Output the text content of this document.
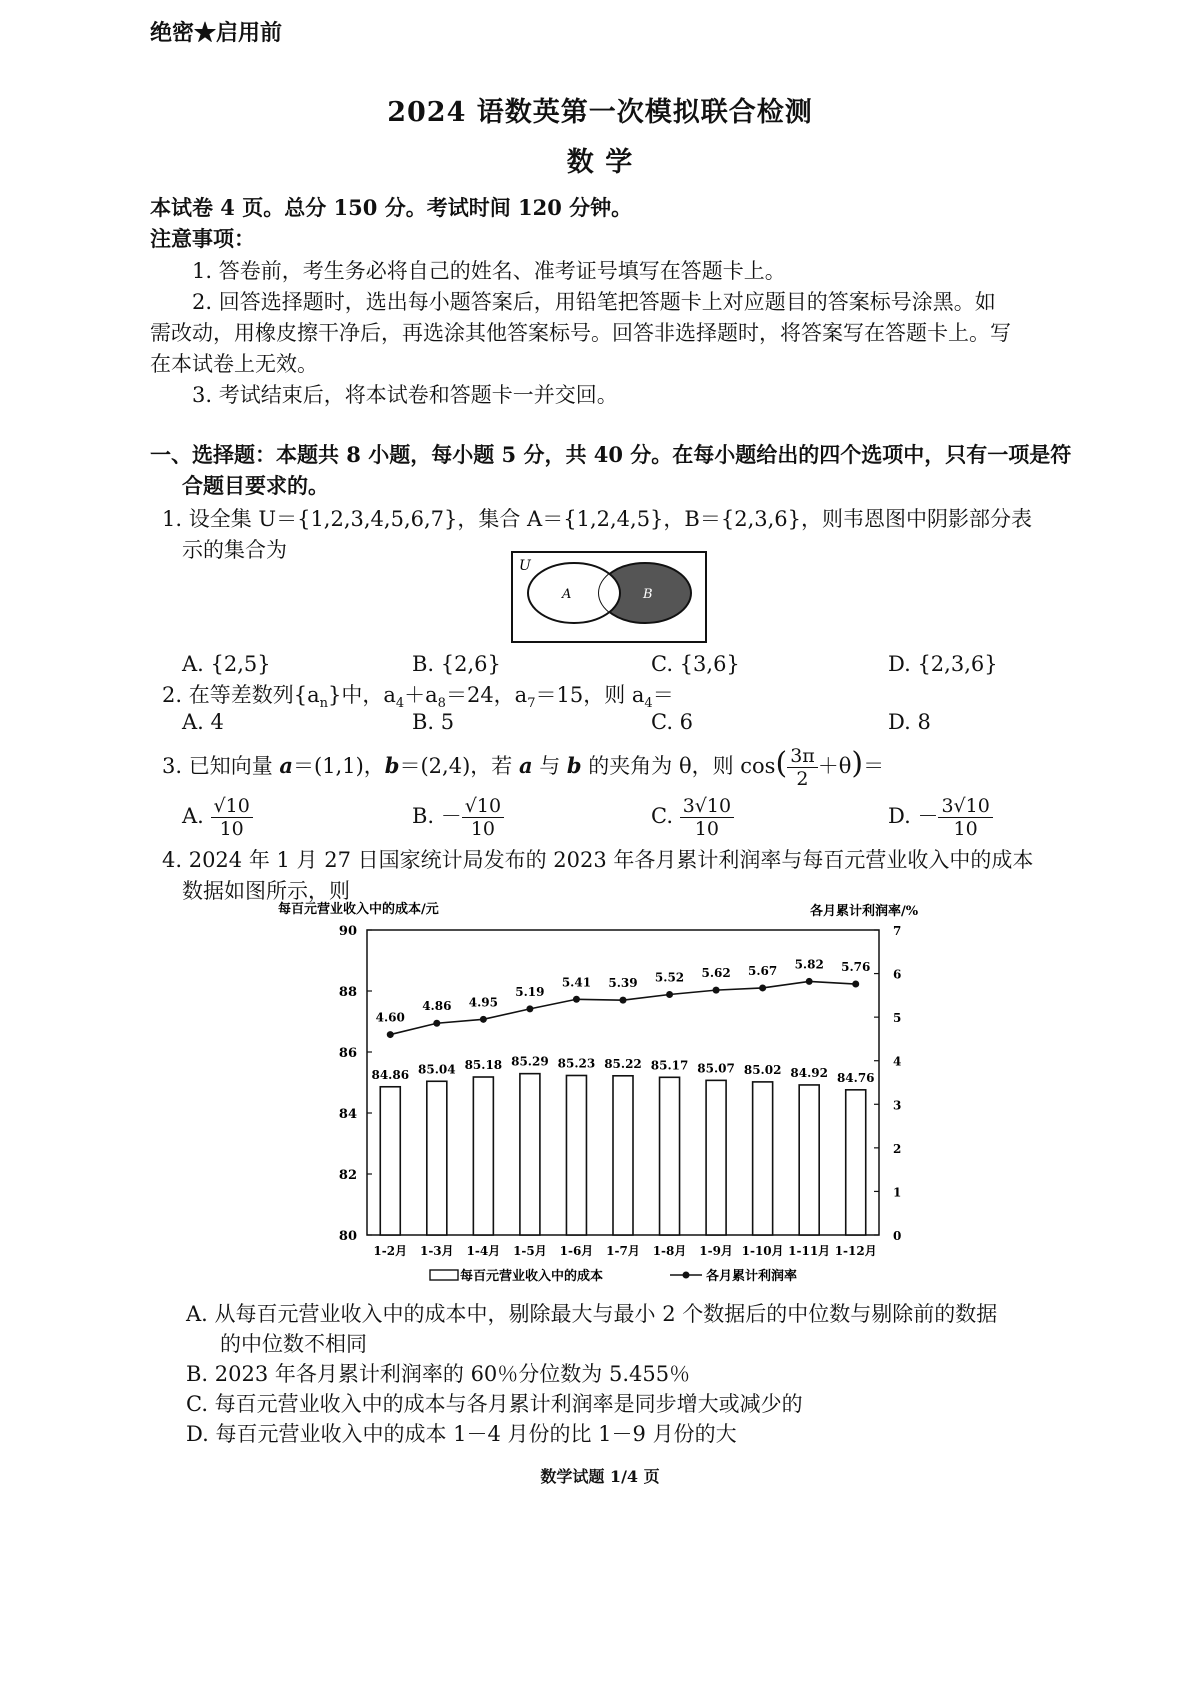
绝密★启用前
2024 语数英第一次模拟联合检测
数 学
本试卷 4 页。总分 150 分。考试时间 120 分钟。
注意事项：
1. 答卷前，考生务必将自己的姓名、准考证号填写在答题卡上。
2. 回答选择题时，选出每小题答案后，用铅笔把答题卡上对应题目的答案标号涂黑。如
需改动，用橡皮擦干净后，再选涂其他答案标号。回答非选择题时，将答案写在答题卡上。写
在本试卷上无效。
3. 考试结束后，将本试卷和答题卡一并交回。
一、选择题：本题共 8 小题，每小题 5 分，共 40 分。在每小题给出的四个选项中，只有一项是符
合题目要求的。
1. 设全集 U＝{1,2,3,4,5,6,7}，集合 A＝{1,2,4,5}，B＝{2,3,6}，则韦恩图中阴影部分表
示的集合为
U
A	B
A. {2,5}	B. {2,6}	C. {3,6}	D. {2,3,6}
2. 在等差数列$\{a_n\}$中，$a_4+a_8=24$，$a_7=15$，则 $a_4=$
A. 4	B. 5	C. 6	D. 8
3. 已知向量 a＝(1,1)，b＝(2,4)，若 a 与 b 的夹角为 θ，则 $\cos( \frac{3\pi}{2} +\theta)=$
A. $\frac{√10}{10}$	B. － $\frac{√10}{10}$	C. $\frac{3√10}{10}$	D. － $\frac{3√10}{10}$
4. 2024 年 1 月 27 日国家统计局发布的 2023 年各月累计利润率与每百元营业收入中的成本
数据如图所示，则
每百元营业收入中的成本/元	各月累计利润率/%
80
82
84
86
88
90
0
1
2
3
4
5
6
7
84.86 85.04 85.18 85.29 85.23 85.22 85.17 85.07 85.02 84.92 84.76
4.60
4.86 4.95
5.19
5.41 5.39 5.52 5.62 5.67 5.82 5.76
1-2月 1-3月 1-4月 1-5月 1-6月 1-7月 1-8月 1-9月 1-10月 1-11月 1-12月
每百元营业收入中的成本	各月累计利润率
A. 从每百元营业收入中的成本中，剔除最大与最小 2 个数据后的中位数与剔除前的数据
的中位数不相同
B. 2023 年各月累计利润率的 60％分位数为 5.455％
C. 每百元营业收入中的成本与各月累计利润率是同步增大或减少的
D. 每百元营业收入中的成本 1－4 月份的比 1－9 月份的大
数学试题 1/4 页
